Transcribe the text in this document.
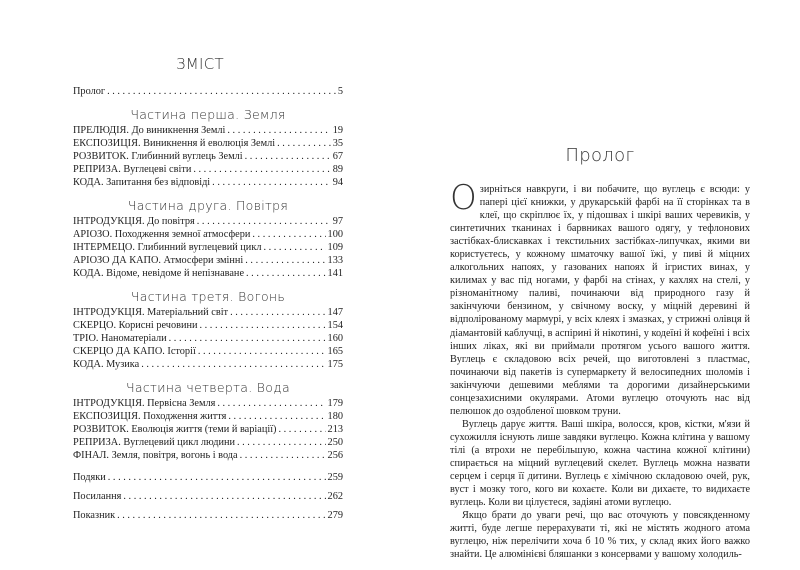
ЗМІСТ
Пролог . . .	5
Частина перша. Земля
ПРЕЛЮДІЯ. До виникнення Землі . . .	19
ЕКСПОЗИЦІЯ. Виникнення й еволюція Землі . . .	35
РОЗВИТОК. Глибинний вуглець Землі . . .	67
РЕПРИЗА. Вуглецеві світи . . .	89
КОДА. Запитання без відповіді . . .	94
Частина друга. Повітря
ІНТРОДУКЦІЯ. До повітря . . .	97
АРІОЗО. Походження земної атмосфери . . .	100
ІНТЕРМЕЦО. Глибинний вуглецевий цикл . . .	109
АРІОЗО ДА КАПО. Атмосфери змінні . . .	133
КОДА. Відоме, невідоме й непізнаване . . .	141
Частина третя. Вогонь
ІНТРОДУКЦІЯ. Матеріальний світ . . .	147
СКЕРЦО. Корисні речовини . . .	154
ТРІО. Наноматеріали . . .	160
СКЕРЦО ДА КАПО. Історії . . .	165
КОДА. Музика . . .	175
Частина четверта. Вода
ІНТРОДУКЦІЯ. Первісна Земля . . .	179
ЕКСПОЗИЦІЯ. Походження життя . . .	180
РОЗВИТОК. Еволюція життя (теми й варіації) . . .	213
РЕПРИЗА. Вуглецевий цикл людини . . .	250
ФІНАЛ. Земля, повітря, вогонь і вода . . .	256
Подяки . . .	259
Посилання . . .	262
Показник . . .	279
Пролог

Озирніться навкруги, і ви побачите, що вуглець є всюди: у папері цієї книжки, у друкарській фарбі на її сторінках та в клеї, що скріплює їх, у підошвах і шкірі ваших черевиків, у синтетичних тканинах і барвниках вашого одягу, у тефлонових застібках-блискавках і текстильних застібках-липучках, якими ви користуєтесь, у кожному шматочку вашої їжі, у пиві й міцних алкогольних напоях, у газованих напоях й ігристих винах, у килимах у вас під ногами, у фарбі на стінах, у кахлях на стелі, у різноманітному паливі, починаючи від природного газу й закінчуючи бензином, у свічному воску, у міцній деревині й відполірованому мармурі, у всіх клеях і змазках, у стрижні олівця й діамантовій каблучці, в аспірині й нікотині, у кодеїні й кофеїні і всіх інших ліках, які ви приймали протягом усього вашого життя. Вуглець є складовою всіх речей, що виготовлені з пластмас, починаючи від пакетів із супермаркету й велосипедних шоломів і закінчуючи дешевими меблями та дорогими дизайнерськими сонцезахисними окулярами. Атоми вуглецю оточують нас від пелюшок до оздобленої шовком труни.

Вуглець дарує життя. Ваші шкіра, волосся, кров, кістки, м'язи й сухожилля існують лише завдяки вуглецю. Кожна клітина у вашому тілі (а втрохи не перебільшую, кожна частина кожної клітини) спирається на міцний вуглецевий скелет. Вуглець можна назвати серцем і серця її дитини. Вуглець є хімічною складовою очей, рук, вуст і мозку того, кого ви кохаєте. Коли ви дихаєте, то видихаєте вуглець. Коли ви цілуєтеся, задіяні атоми вуглецю.

Якщо брати до уваги речі, що вас оточують у повсякденному житті, буде легше перерахувати ті, які не містять жодного атома вуглецю, ніж перелічити хоча б 10 % тих, у склад яких його важко знайти. Це алюмінієві бляшанки з консервами у вашому холодиль-
